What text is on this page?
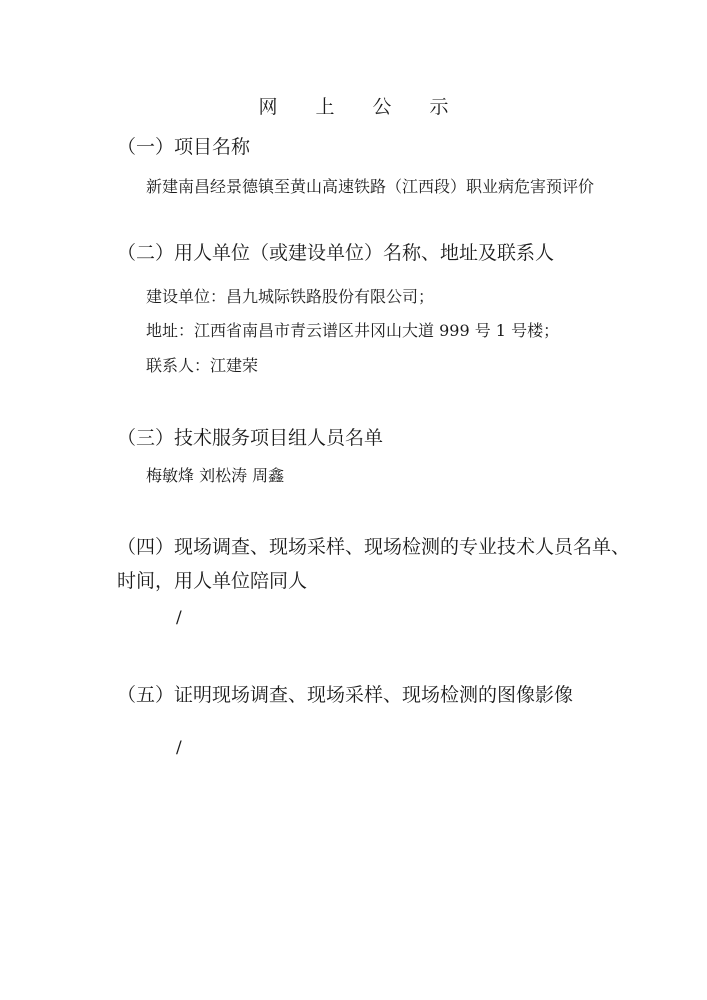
网 上 公 示
（一）项目名称
新建南昌经景德镇至黄山高速铁路（江西段）职业病危害预评价
（二）用人单位（或建设单位）名称、地址及联系人
建设单位：昌九城际铁路股份有限公司；
地址：江西省南昌市青云谱区井冈山大道 999 号 1 号楼；
联系人：江建荣
（三）技术服务项目组人员名单
梅敏烽 刘松涛 周鑫
（四）现场调查、现场采样、现场检测的专业技术人员名单、
时间，用人单位陪同人
/
（五）证明现场调查、现场采样、现场检测的图像影像
/
